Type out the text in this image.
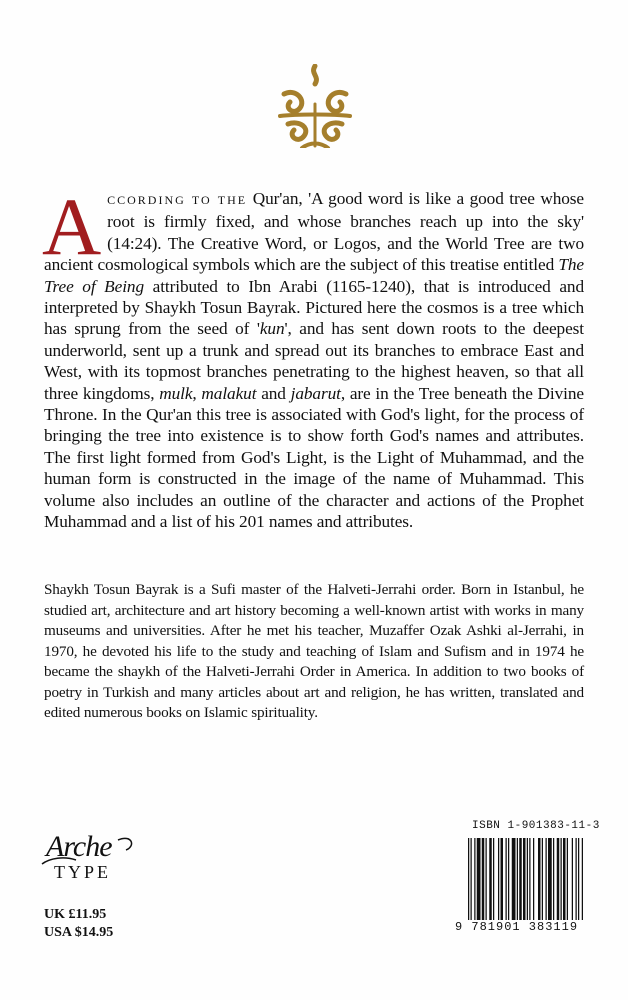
ACCORDING TO THE Qur'an, 'A good word is like a good tree whose root is firmly fixed, and whose branches reach up into the sky' (14:24). The Creative Word, or Logos, and the World Tree are two ancient cosmological symbols which are the subject of this treatise entitled The Tree of Being attributed to Ibn Arabi (1165-1240), that is introduced and interpreted by Shaykh Tosun Bayrak. Pictured here the cosmos is a tree which has sprung from the seed of 'kun', and has sent down roots to the deepest underworld, sent up a trunk and spread out its branches to embrace East and West, with its topmost branches penetrating to the highest heaven, so that all three kingdoms, mulk, malakut and jabarut, are in the Tree beneath the Divine Throne. In the Qur'an this tree is associated with God's light, for the process of bringing the tree into existence is to show forth God's names and attributes. The first light formed from God's Light, is the Light of Muhammad, and the human form is constructed in the image of the name of Muhammad. This volume also includes an outline of the character and actions of the Prophet Muhammad and a list of his 201 names and attributes.
Shaykh Tosun Bayrak is a Sufi master of the Halveti-Jerrahi order. Born in Istanbul, he studied art, architecture and art history becoming a well-known artist with works in many museums and universities. After he met his teacher, Muzaffer Ozak Ashki al-Jerrahi, in 1970, he devoted his life to the study and teaching of Islam and Sufism and in 1974 he became the shaykh of the Halveti-Jerrahi Order in America. In addition to two books of poetry in Turkish and many articles about art and religion, he has written, translated and edited numerous books on Islamic spirituality.
Arche
TYPE
UK £11.95
USA $14.95
ISBN 1-901383-11-3
9 781901 383119
